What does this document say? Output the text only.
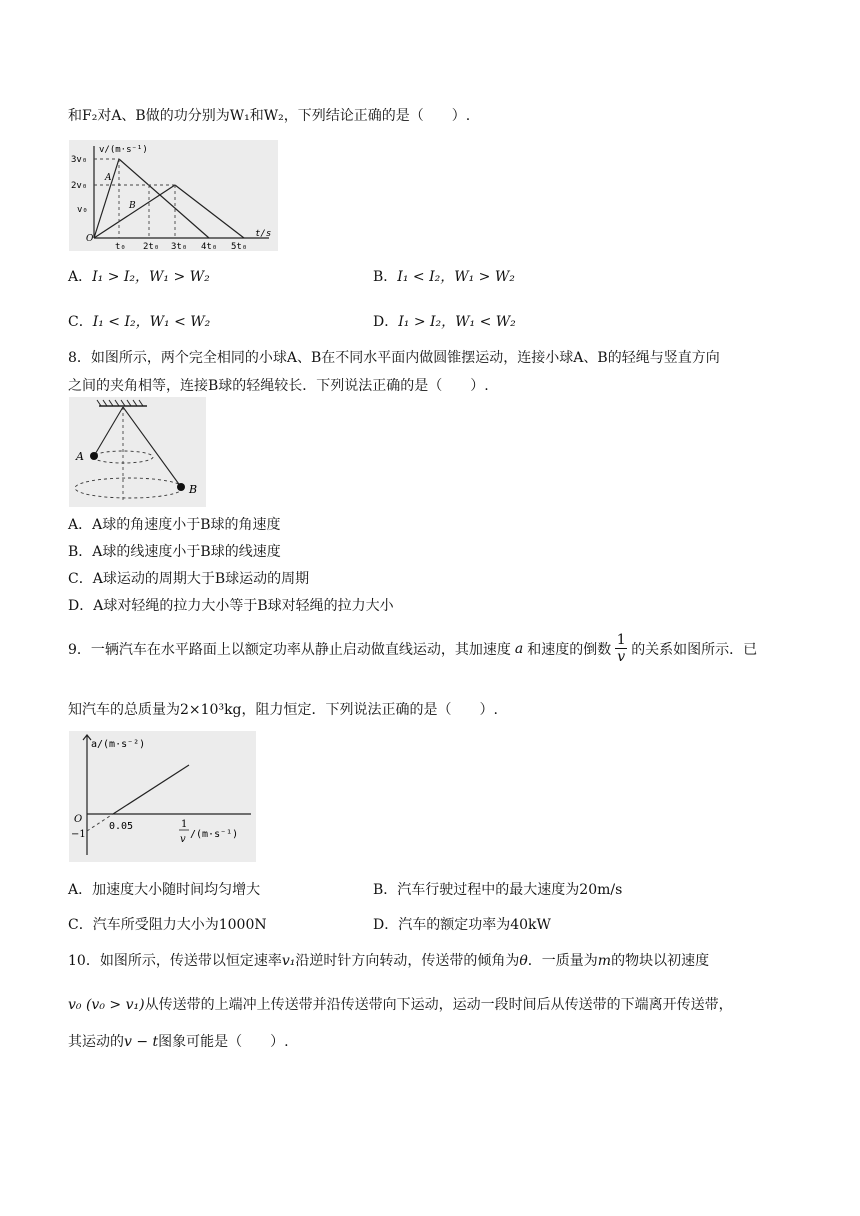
和F₂对A、B做的功分别为W₁和W₂，下列结论正确的是（　　）.
v/(m·s⁻¹)
3v₀
2v₀
v₀
O
t₀ 2t₀ 3t₀ 4t₀ 5t₀
t/s
A
B
A．I₁ > I₂，W₁ > W₂	B．I₁ < I₂，W₁ > W₂
C．I₁ < I₂，W₁ < W₂	D．I₁ > I₂，W₁ < W₂
8．如图所示，两个完全相同的小球A、B在不同水平面内做圆锥摆运动，连接小球A、B的轻绳与竖直方向
之间的夹角相等，连接B球的轻绳较长．下列说法正确的是（　　）.
A
B
A．A球的角速度小于B球的角速度
B．A球的线速度小于B球的线速度
C．A球运动的周期大于B球运动的周期
D．A球对轻绳的拉力大小等于B球对轻绳的拉力大小
9．一辆汽车在水平路面上以额定功率从静止启动做直线运动，其加速度 a 和速度的倒数
1
v 的关系如图所示．已
知汽车的总质量为2×10³kg，阻力恒定．下列说法正确的是（　　）.
a/(m·s⁻²)
O
−1
0.05	1
v /(m·s⁻¹)
A．加速度大小随时间均匀增大	B．汽车行驶过程中的最大速度为20m/s
C．汽车所受阻力大小为1000N	D．汽车的额定功率为40kW
10．如图所示，传送带以恒定速率v₁沿逆时针方向转动，传送带的倾角为θ．一质量为m的物块以初速度
v₀ (v₀ > v₁)从传送带的上端冲上传送带并沿传送带向下运动，运动一段时间后从传送带的下端离开传送带，
其运动的v − t图象可能是（　　）.
